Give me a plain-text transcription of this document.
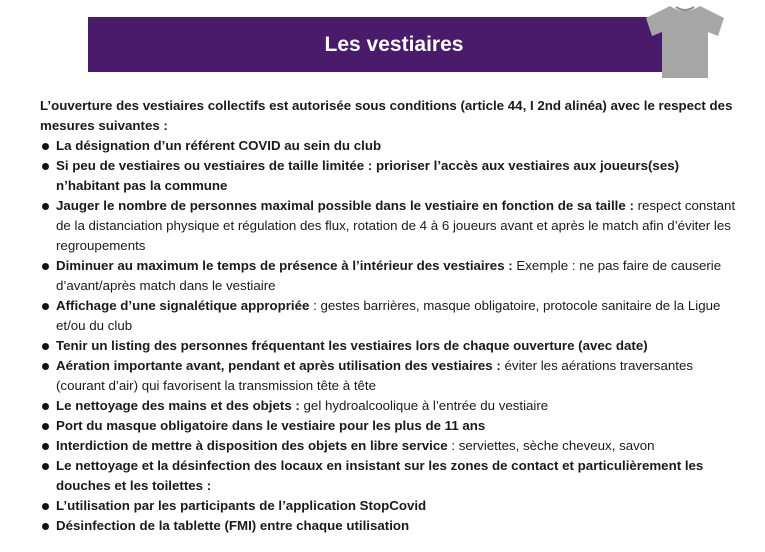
Les vestiaires

L’ouverture des vestiaires collectifs est autorisée sous conditions (article 44, I 2nd alinéa) avec le respect des mesures suivantes :

La désignation d’un référent COVID au sein du club
Si peu de vestiaires ou vestiaires de taille limitée : prioriser l’accès aux vestiaires aux joueurs(ses) n’habitant pas la commune
Jauger le nombre de personnes maximal possible dans le vestiaire en fonction de sa taille : respect constant de la distanciation physique et régulation des flux, rotation de 4 à 6 joueurs avant et après le match afin d’éviter les regroupements
Diminuer au maximum le temps de présence à l’intérieur des vestiaires : Exemple : ne pas faire de causerie d’avant/après match dans le vestiaire
Affichage d’une signalétique appropriée : gestes barrières, masque obligatoire, protocole sanitaire de la Ligue et/ou du club
Tenir un listing des personnes fréquentant les vestiaires lors de chaque ouverture (avec date)
Aération importante avant, pendant et après utilisation des vestiaires : éviter les aérations traversantes (courant d’air) qui favorisent la transmission tête à tête
Le nettoyage des mains et des objets : gel hydroalcoolique à l’entrée du vestiaire
Port du masque obligatoire dans le vestiaire pour les plus de 11 ans
Interdiction de mettre à disposition des objets en libre service : serviettes, sèche cheveux, savon
Le nettoyage et la désinfection des locaux en insistant sur les zones de contact et particulièrement les douches et les toilettes :
L’utilisation par les participants de l’application StopCovid
Désinfection de la tablette (FMI) entre chaque utilisation
